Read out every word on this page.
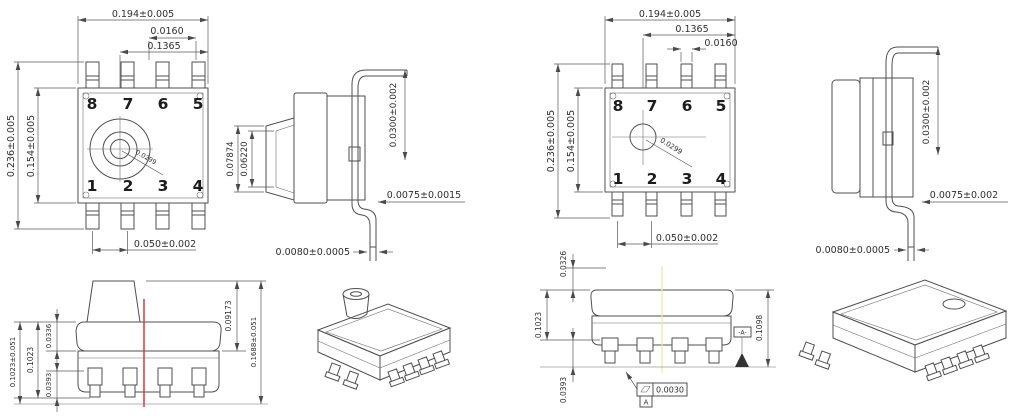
0.194±0.005
0.0160
0.1365
0.236±0.005 0.154±0.005
0.050±0.002
8 7 6 5
1 2 3 4
0.0299	0.07874 0.06220
0.0300±0.002
0.0075±0.0015
0.0080±0.0005
0.1023±0.051 0.1023
0.0336
0.0393
0.09173
0.1688±0.051
0.194±0.005
0.1365
0.0160
0.236±0.005 0.154±0.005
0.050±0.002
8 7 6 5
1 2 3 4
0.0299
0.0300±0.002
0.0075±0.002
0.0080±0.0005
0.0326
0.1023
0.0393
0.1098
-A-
0.0030
A
